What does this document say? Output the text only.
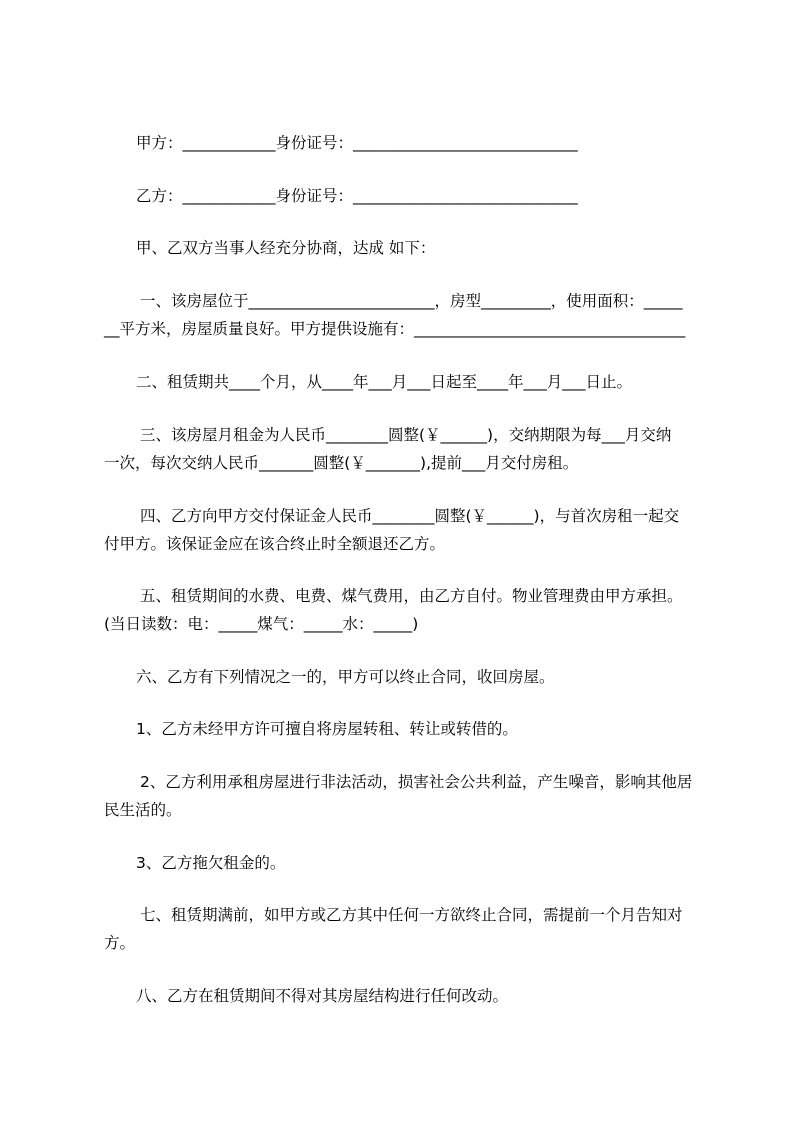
甲方：____________身份证号：_____________________________
乙方：____________身份证号：_____________________________
甲、乙双方当事人经充分协商，达成 如下：
一、该房屋位于________________________，房型_________，使用面积：_____
__平方米，房屋质量良好。甲方提供设施有：___________________________________
二、租赁期共____个月，从____年___月___日起至____年___月___日止。
三、该房屋月租金为人民币________圆整(￥______)，交纳期限为每___月交纳
一次，每次交纳人民币_______圆整(￥_______),提前___月交付房租。
四、乙方向甲方交付保证金人民币________圆整(￥______)，与首次房租一起交
付甲方。该保证金应在该合终止时全额退还乙方。
五、租赁期间的水费、电费、煤气费用，由乙方自付。物业管理费由甲方承担。
(当日读数：电：_____煤气：_____水：_____)
六、乙方有下列情况之一的，甲方可以终止合同，收回房屋。
1、乙方未经甲方许可擅自将房屋转租、转让或转借的。
2、乙方利用承租房屋进行非法活动，损害社会公共利益，产生噪音，影响其他居
民生活的。
3、乙方拖欠租金的。
七、租赁期满前，如甲方或乙方其中任何一方欲终止合同，需提前一个月告知对
方。
八、乙方在租赁期间不得对其房屋结构进行任何改动。
